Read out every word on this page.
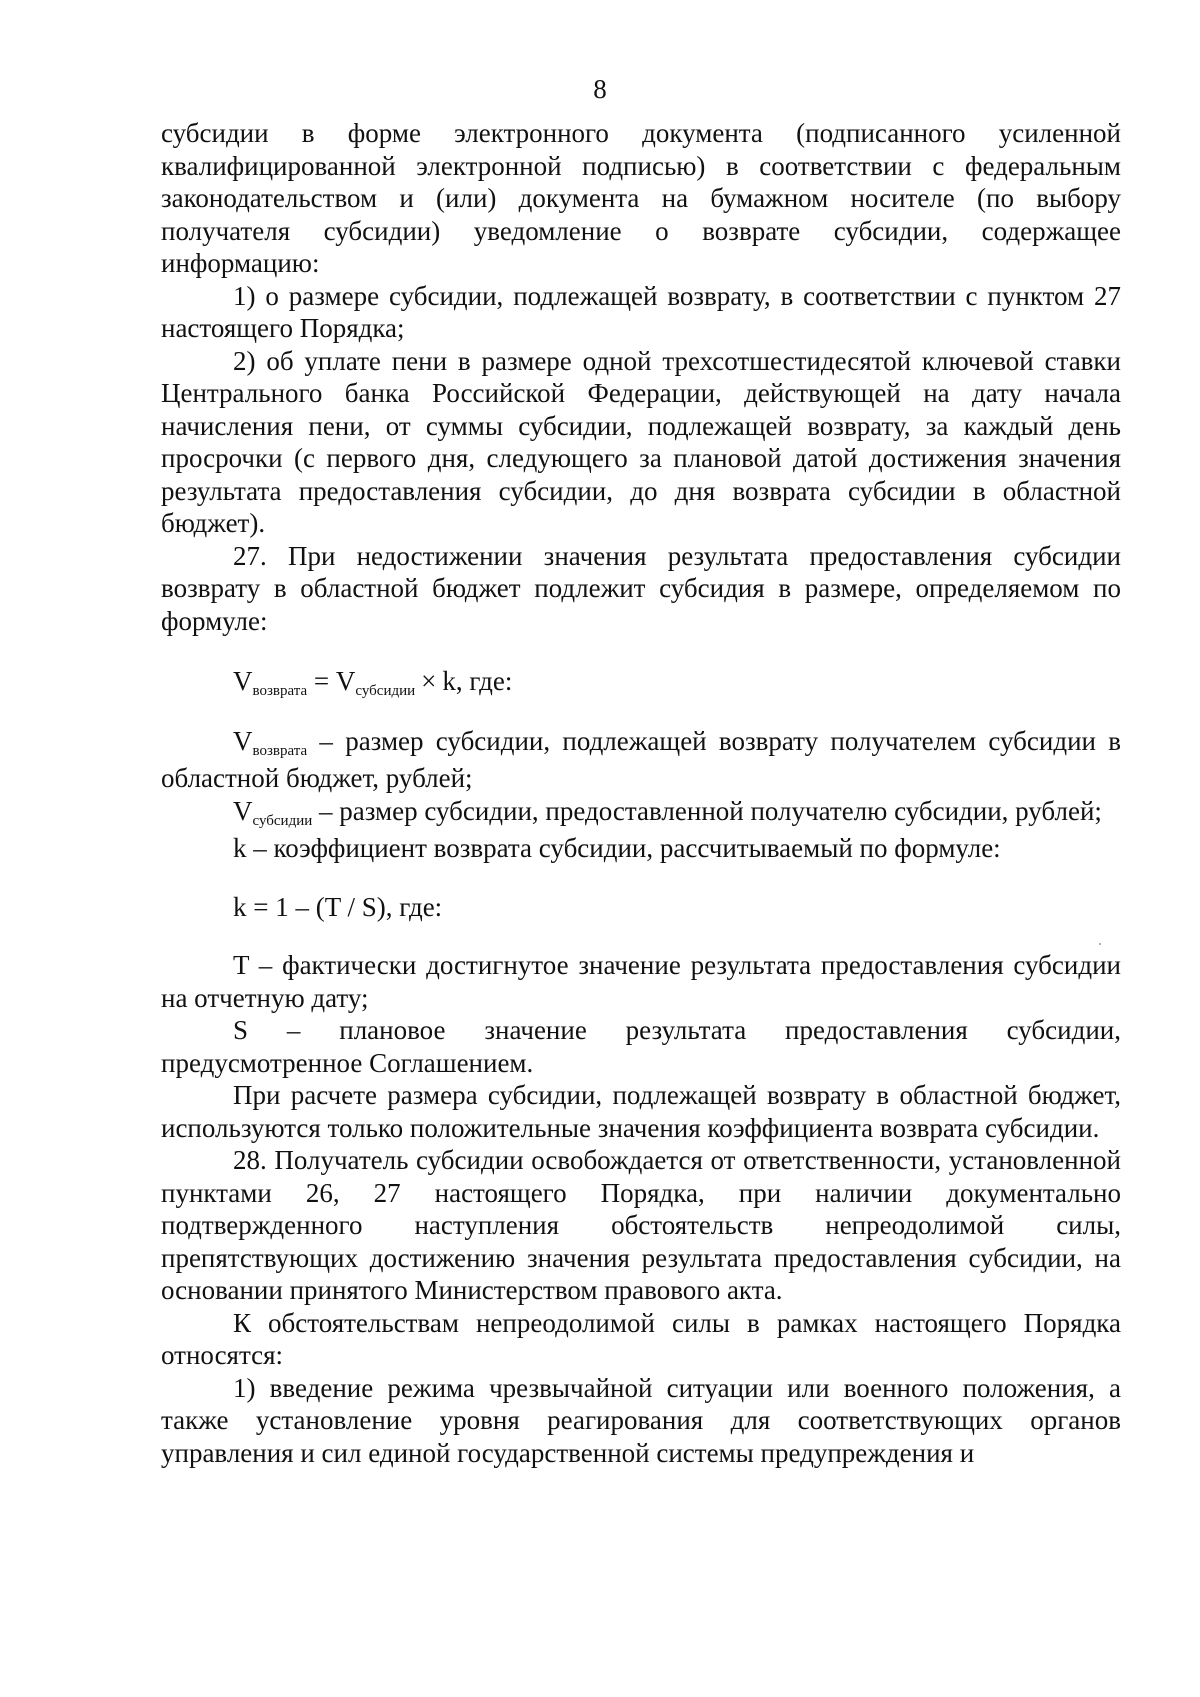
8

субсидии в форме электронного документа (подписанного усиленной квалифицированной электронной подписью) в соответствии с федеральным законодательством и (или) документа на бумажном носителе (по выбору получателя субсидии) уведомление о возврате субсидии, содержащее информацию:

1) о размере субсидии, подлежащей возврату, в соответствии с пунктом 27 настоящего Порядка;

2) об уплате пени в размере одной трехсотшестидесятой ключевой ставки Центрального банка Российской Федерации, действующей на дату начала начисления пени, от суммы субсидии, подлежащей возврату, за каждый день просрочки (с первого дня, следующего за плановой датой достижения значения результата предоставления субсидии, до дня возврата субсидии в областной бюджет).

27. При недостижении значения результата предоставления субсидии возврату в областной бюджет подлежит субсидия в размере, определяемом по формуле:

Vвозврата = Vсубсидии × k, где:

Vвозврата – размер субсидии, подлежащей возврату получателем субсидии в областной бюджет, рублей;

Vсубсидии – размер субсидии, предоставленной получателю субсидии, рублей;

k – коэффициент возврата субсидии, рассчитываемый по формуле:

k = 1 – (T / S), где:

T – фактически достигнутое значение результата предоставления субсидии на отчетную дату;

S – плановое значение результата предоставления субсидии, предусмотренное Соглашением.

При расчете размера субсидии, подлежащей возврату в областной бюджет, используются только положительные значения коэффициента возврата субсидии.

28. Получатель субсидии освобождается от ответственности, установленной пунктами 26, 27 настоящего Порядка, при наличии документально подтвержденного наступления обстоятельств непреодолимой силы, препятствующих достижению значения результата предоставления субсидии, на основании принятого Министерством правового акта.

К обстоятельствам непреодолимой силы в рамках настоящего Порядка относятся:

1) введение режима чрезвычайной ситуации или военного положения, а также установление уровня реагирования для соответствующих органов управления и сил единой государственной системы предупреждения и
